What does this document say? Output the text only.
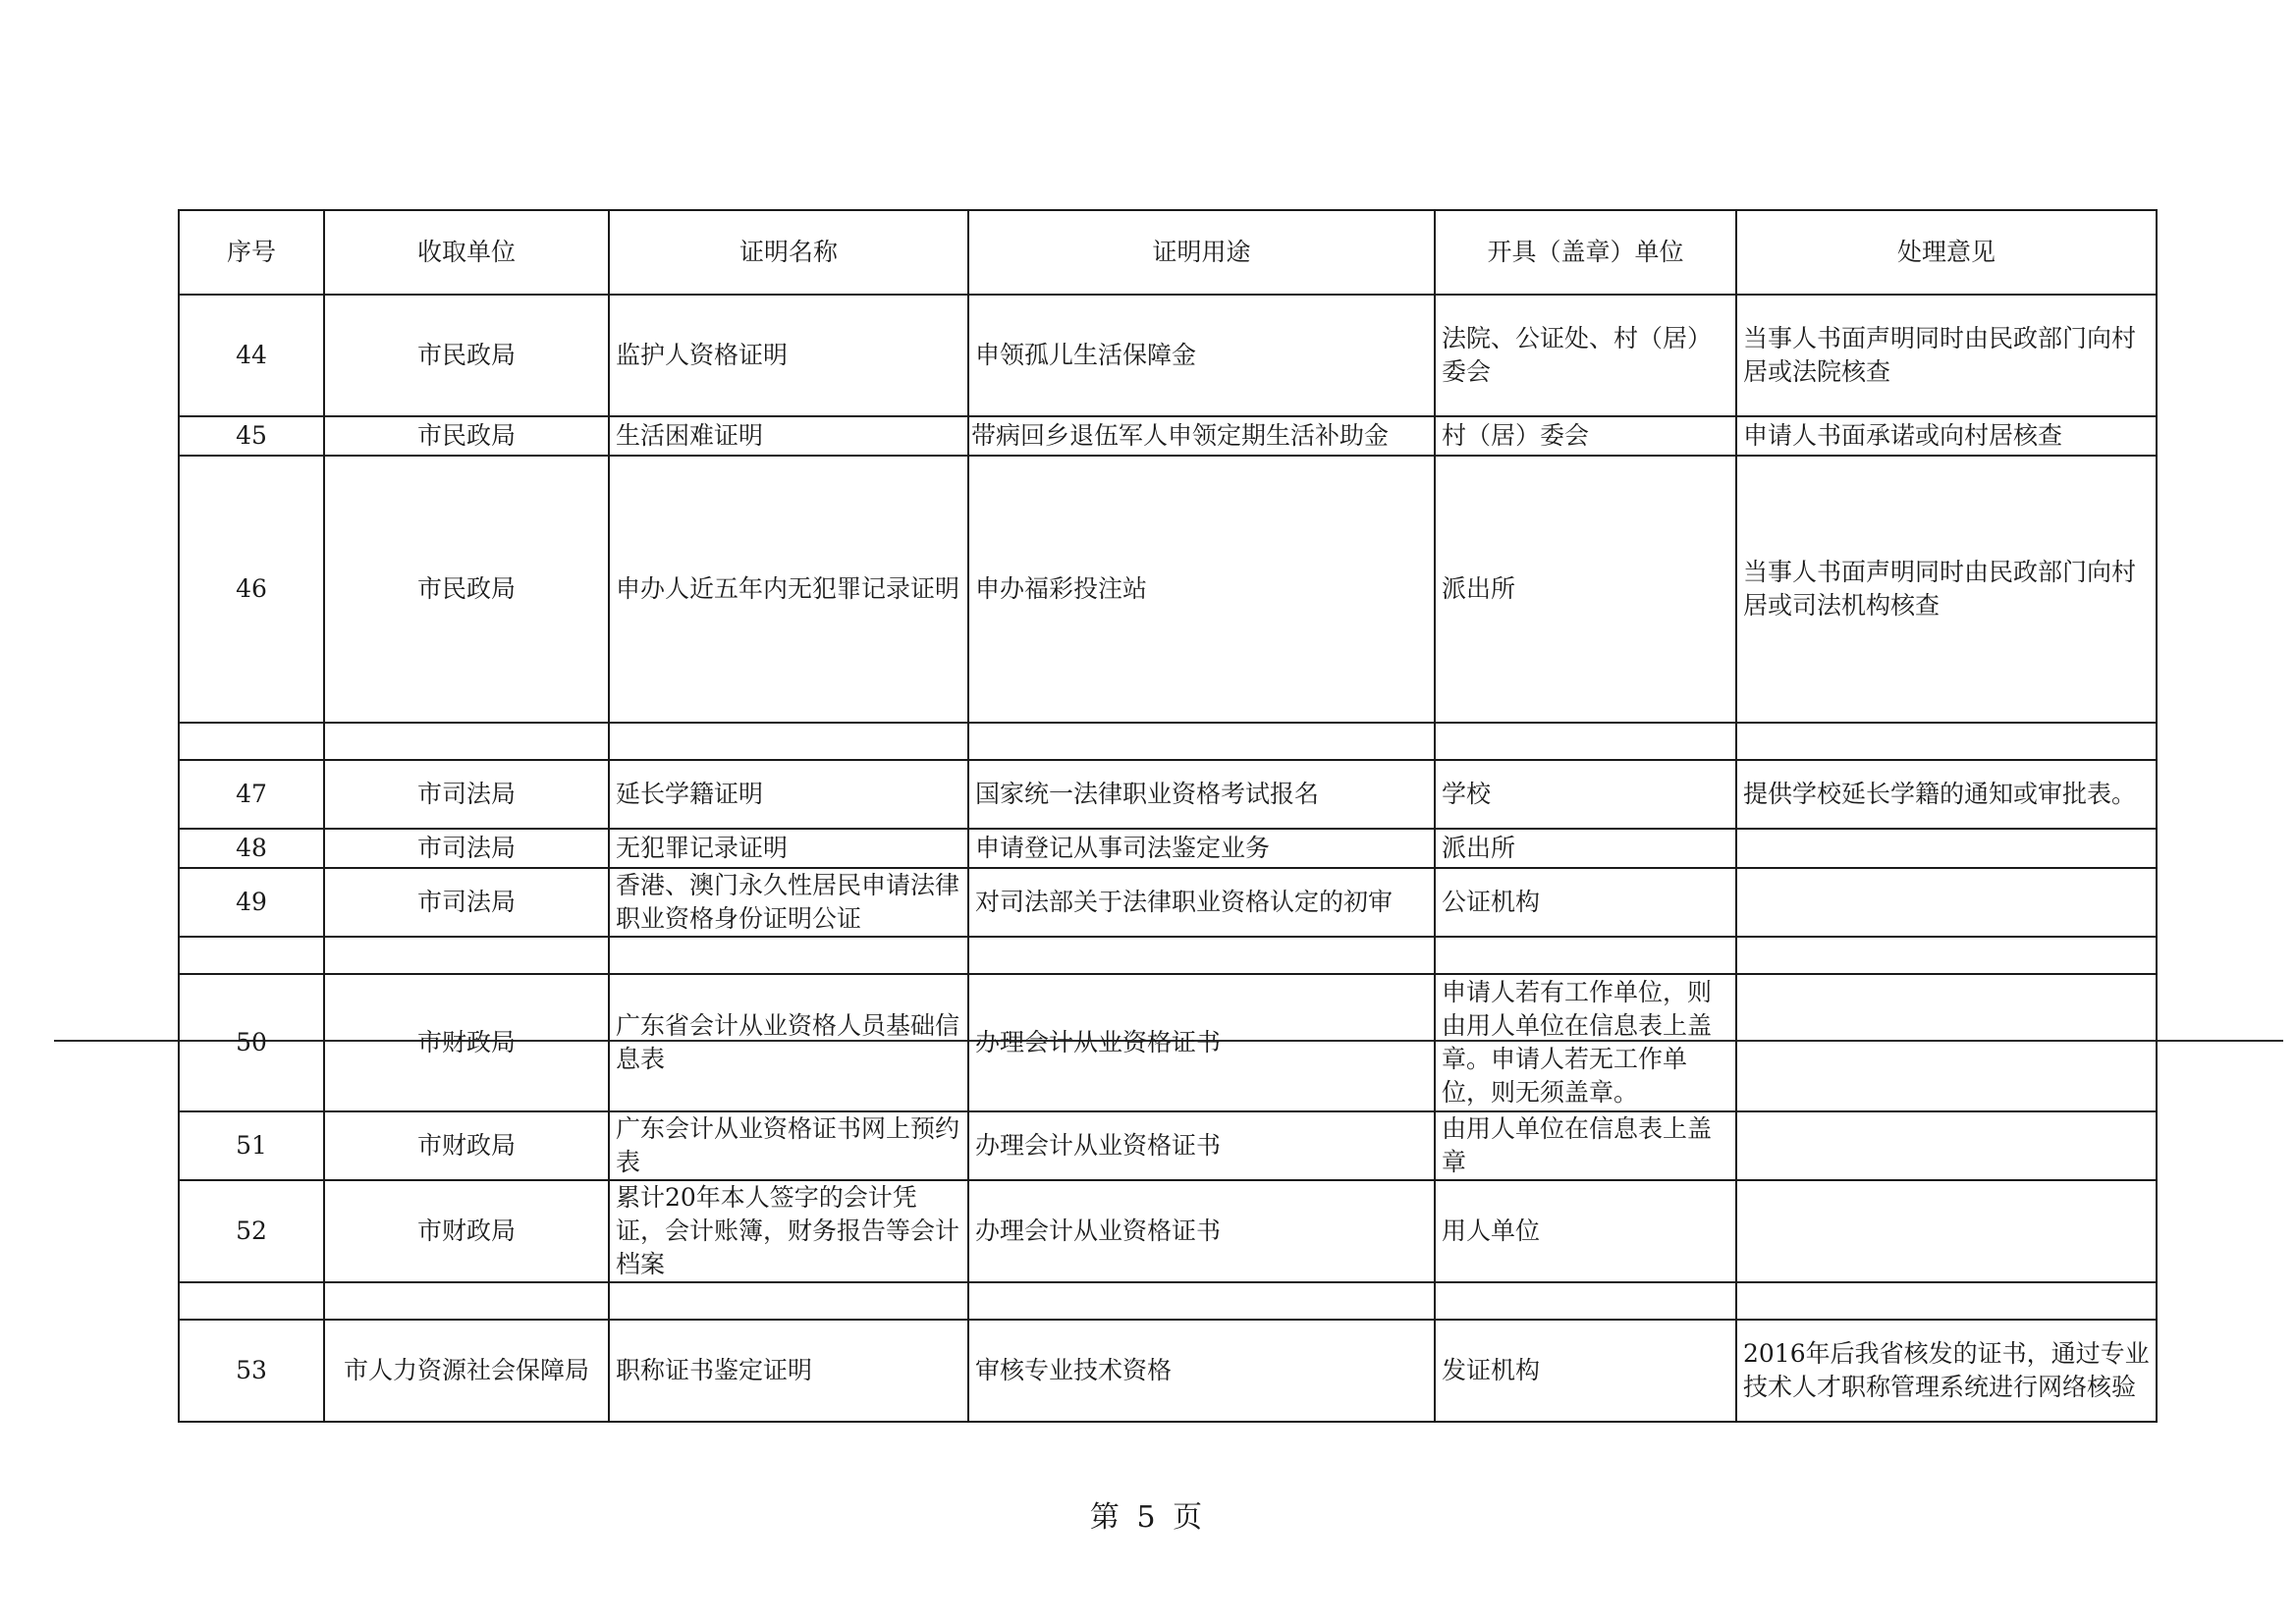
序号	收取单位	证明名称	证明用途	开具（盖章）单位	处理意见
44	市民政局	监护人资格证明	申领孤儿生活保障金	法院、公证处、村（居）委会	当事人书面声明同时由民政部门向村居或法院核查
45	市民政局	生活困难证明	带病回乡退伍军人申领定期生活补助金	村（居）委会	申请人书面承诺或向村居核查
46	市民政局	申办人近五年内无犯罪记录证明	申办福彩投注站	派出所	当事人书面声明同时由民政部门向村居或司法机构核查

47	市司法局	延长学籍证明	国家统一法律职业资格考试报名	学校	提供学校延长学籍的通知或审批表。
48	市司法局	无犯罪记录证明	申请登记从事司法鉴定业务	派出所	
49	市司法局	香港、澳门永久性居民申请法律职业资格身份证明公证	对司法部关于法律职业资格认定的初审	公证机构	

50	市财政局	广东省会计从业资格人员基础信息表	办理会计从业资格证书	申请人若有工作单位，则由用人单位在信息表上盖章。申请人若无工作单位，则无须盖章。	
51	市财政局	广东会计从业资格证书网上预约表	办理会计从业资格证书	由用人单位在信息表上盖章	
52	市财政局	累计20年本人签字的会计凭证，会计账簿，财务报告等会计档案	办理会计从业资格证书	用人单位	

53	市人力资源社会保障局	职称证书鉴定证明	审核专业技术资格	发证机构	2016年后我省核发的证书，通过专业技术人才职称管理系统进行网络核验
第 5 页
